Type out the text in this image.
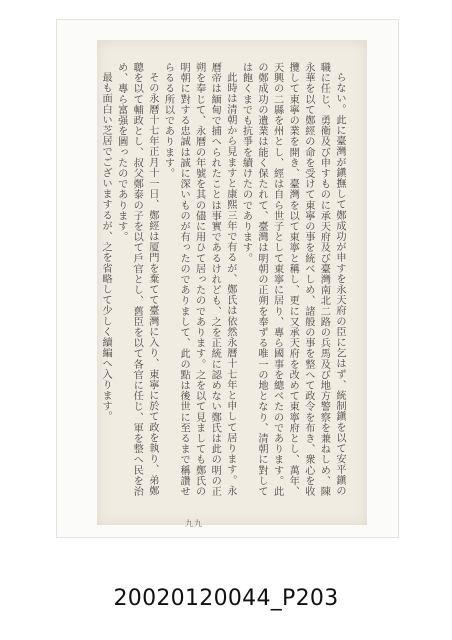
らない。此に臺灣が鎭撫して鄭成功が申すを永天府の臣に乞はず、統制鎭を以て安平鎭の職に任じ、勇衛及び申すものに承天府及び臺灣南北二路の兵馬及び地方警察を兼ねしめ、陳永華を以て鄭經の命を受けて東寧の事を統べしめ、諸般の事を整へて政令を布き、衆心を收攬して東寧の業を開き、臺灣を以て東寧と稱し、更に又承天府を改めて東寧府とし、萬年、天興の二縣を州とし、經は自ら世子として東寧に居り、專ら國事を總べたのであります。此の鄭成功の遺業は能く保たれて、臺灣は明朝の正朔を奉ずる唯一の地となり、清朝に對しては飽くまでも抗爭を續けたのであります。

此時は清朝から見ますと康熙三年で有るが、鄭氏は依然永曆十七年と申して居ります。永曆帝は緬甸で捕へられたことは事實であるけれども、之を正統に認めない鄭氏は此の明の正朔を奉じて、永曆の年號を其の儘に用ひて居ったのであります。之を以て見ましても鄭氏の明朝に對する忠誠は誠に深いものが有ったのでありまして、此の點は後世に至るまで稱讚せらるる所以であります。

その永曆十七年正月十一日、鄭經は厦門を棄てて臺灣に入り、東寧に於て政を執り、弟鄭聰を以て輔政とし、叔父鄭泰の子を以て戶官とし、舊臣を以て各官に任じ、軍を整へ民を治め、專ら富强を圖ったのであります。

最も面白い芝居でございまするが、之を省略して少しく續編へ入ります。

九九
20020120044_P203
